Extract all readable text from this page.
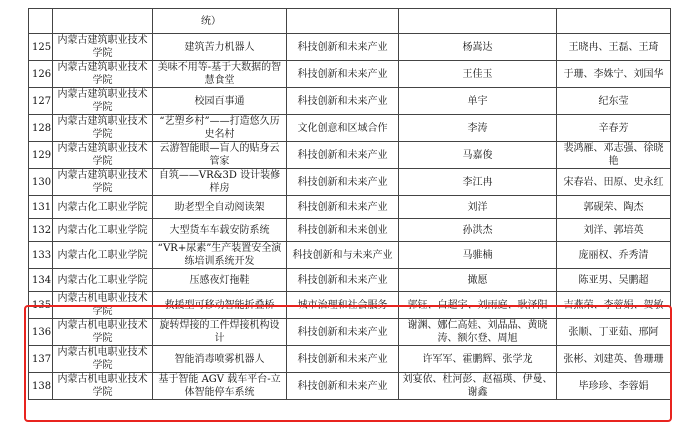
		统）			
125	内蒙古建筑职业技术学院	建筑苦力机器人	科技创新和未来产业	杨嵩达	王晓冉、王磊、王琦
126	内蒙古建筑职业技术学院	美味不用等-基于大数据的智慧食堂	科技创新和未来产业	王佳玉	于珊、李姝宁、刘国华
127	内蒙古建筑职业技术学院	校园百事通	科技创新和未来产业	单宇	纪东莹
128	内蒙古建筑职业技术学院	“艺塑乡村”——打造悠久历史名村	文化创意和区域合作	李涛	辛春芳
129	内蒙古建筑职业技术学院	云游智能眼—盲人的贴身云管家	科技创新和未来产业	马嘉俊	裴鸿雁、邓志强、徐晓艳
130	内蒙古建筑职业技术学院	自筑——VR&3D 设计装修样房	科技创新和未来产业	李江冉	宋春岩、田原、史永红
131	内蒙古化工职业学院	助老型全自动阅读架	科技创新和未来产业	刘洋	郭砚荣、陶杰
132	内蒙古化工职业学院	大型货车车载安防系统	科技创新和未来创业	孙洪杰	刘洋、郭培英
133	内蒙古化工职业学院	“VR+尿素”生产装置安全演练培训系统开发	科技创新和与未来产业	马骓楠	庞丽权、乔秀清
134	内蒙古化工职业学院	压感夜灯拖鞋	科技创新和未来产业	撖愿	陈亚男、吴鹏超
135	内蒙古机电职业技术学院	救援型可移动智能折叠桥	城市治理和社会服务	郭钰、白超宇、刘雨庭、耿泽阳	吉燕荣、李蓉娟、贺敏
136	内蒙古机电职业技术学院	旋转焊接的工件焊接机构设计	科技创新和未来产业	谢渊、娜仁高娃、刘晶晶、黄晓涛、额尔登、周旭	张顺、丁亚茹、邢阿
137	内蒙古机电职业技术学院	智能消毒喷雾机器人	科技创新和未来产业	许军军、霍鹏辉、张学龙	张彬、刘建英、鲁珊珊
138	内蒙古机电职业技术学院	基于智能 AGV 载车平台-立体智能停车系统	科技创新和未来产业	刘宴依、杜河彭、赵福瑛、伊曼、谢鑫	毕珍珍、李蓉娟
